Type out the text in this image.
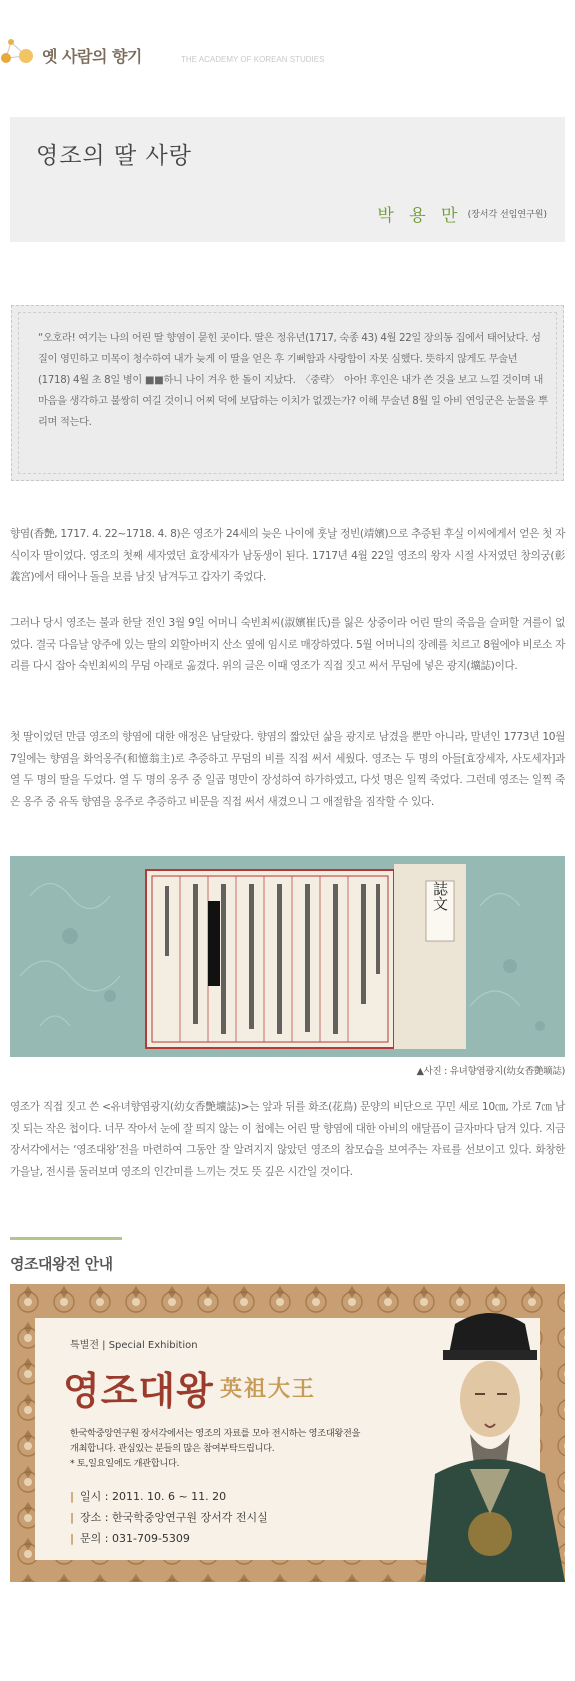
옛 사람의 향기	THE ACADEMY OF KOREAN STUDIES
영조의 딸 사랑
박 용 만 (장서각 선임연구원)
“오호라! 여기는 나의 어린 딸 향염이 묻힌 곳이다. 딸은 정유년(1717, 숙종 43) 4월 22일 장의동 집에서 태어났다. 성질이 영민하고 미목이 청수하여 내가 늦게 이 딸을 얻은 후 기뻐함과 사랑함이 자못 심했다. 뜻하지 않게도 무술년(1718) 4월 초 8일 병이 ■■하니 나이 겨우 한 돌이 지났다.　〈중략〉　아아! 후인은 내가 쓴 것을 보고 느낄 것이며 내 마음을 생각하고 불쌍히 여길 것이니 어찌 덕에 보답하는 이치가 없겠는가? 이해 무술년 8월 일 아비 연잉군은 눈물을 뿌리며 적는다.

향염(香艶, 1717. 4. 22~1718. 4. 8)은 영조가 24세의 늦은 나이에 훗날 정빈(靖嬪)으로 추증된 후실 이씨에게서 얻은 첫 자식이자 딸이었다. 영조의 첫째 세자였던 효장세자가 남동생이 된다. 1717년 4월 22일 영조의 왕자 시절 사저였던 창의궁(彰義宮)에서 태어나 돌을 보름 남짓 남겨두고 갑자기 죽었다.

그러나 당시 영조는 불과 한달 전인 3월 9일 어머니 숙빈최씨(淑嬪崔氏)를 잃은 상중이라 어린 딸의 죽음을 슬퍼할 겨를이 없었다. 결국 다음날 양주에 있는 딸의 외할아버지 산소 옆에 임시로 매장하였다. 5월 어머니의 장례를 치르고 8월에야 비로소 자리를 다시 잡아 숙빈최씨의 무덤 아래로 옮겼다. 위의 글은 이때 영조가 직접 짓고 써서 무덤에 넣은 광지(壙誌)이다.

첫 딸이었던 만큼 영조의 향염에 대한 애정은 남달랐다. 향염의 짧았던 삶을 광지로 남겼을 뿐만 아니라, 말년인 1773년 10월 7일에는 향염을 화억옹주(和憶翁主)로 추증하고 무덤의 비를 직접 써서 세웠다. 영조는 두 명의 아들[효장세자, 사도세자]과 열 두 명의 딸을 두었다. 열 두 명의 옹주 중 일곱 명만이 장성하여 하가하였고, 다섯 명은 일찍 죽었다. 그런데 영조는 일찍 죽은 옹주 중 유독 향염을 옹주로 추증하고 비문을 직접 써서 새겼으니 그 애절함을 짐작할 수 있다.

誌文
▲사진 : 유녀향염광지(幼女香艶壙誌)

영조가 직접 짓고 쓴 <유녀향염광지(幼女香艶壙誌)>는 앞과 뒤를 화조(花鳥) 문양의 비단으로 꾸민 세로 10㎝, 가로 7㎝ 남짓 되는 작은 첩이다. 너무 작아서 눈에 잘 띄지 않는 이 첩에는 어린 딸 향염에 대한 아비의 애달픔이 글자마다 담겨 있다. 지금 장서각에서는 ‘영조대왕’전을 마련하여 그동안 잘 알려지지 않았던 영조의 참모습을 보여주는 자료를 선보이고 있다. 화창한 가을날, 전시를 둘러보며 영조의 인간미를 느끼는 것도 뜻 깊은 시간일 것이다.

영조대왕전 안내
특별전 | Special Exhibition
영조대왕 英祖大王
한국학중앙연구원 장서각에서는 영조의 자료를 모아 전시하는 영조대왕전을
개최합니다. 관심있는 분들의 많은 참여부탁드립니다.
* 토,일요일에도 개관합니다.
| 일시 : 2011. 10. 6 ~ 11. 20
| 장소 : 한국학중앙연구원 장서각 전시실
| 문의 : 031-709-5309
